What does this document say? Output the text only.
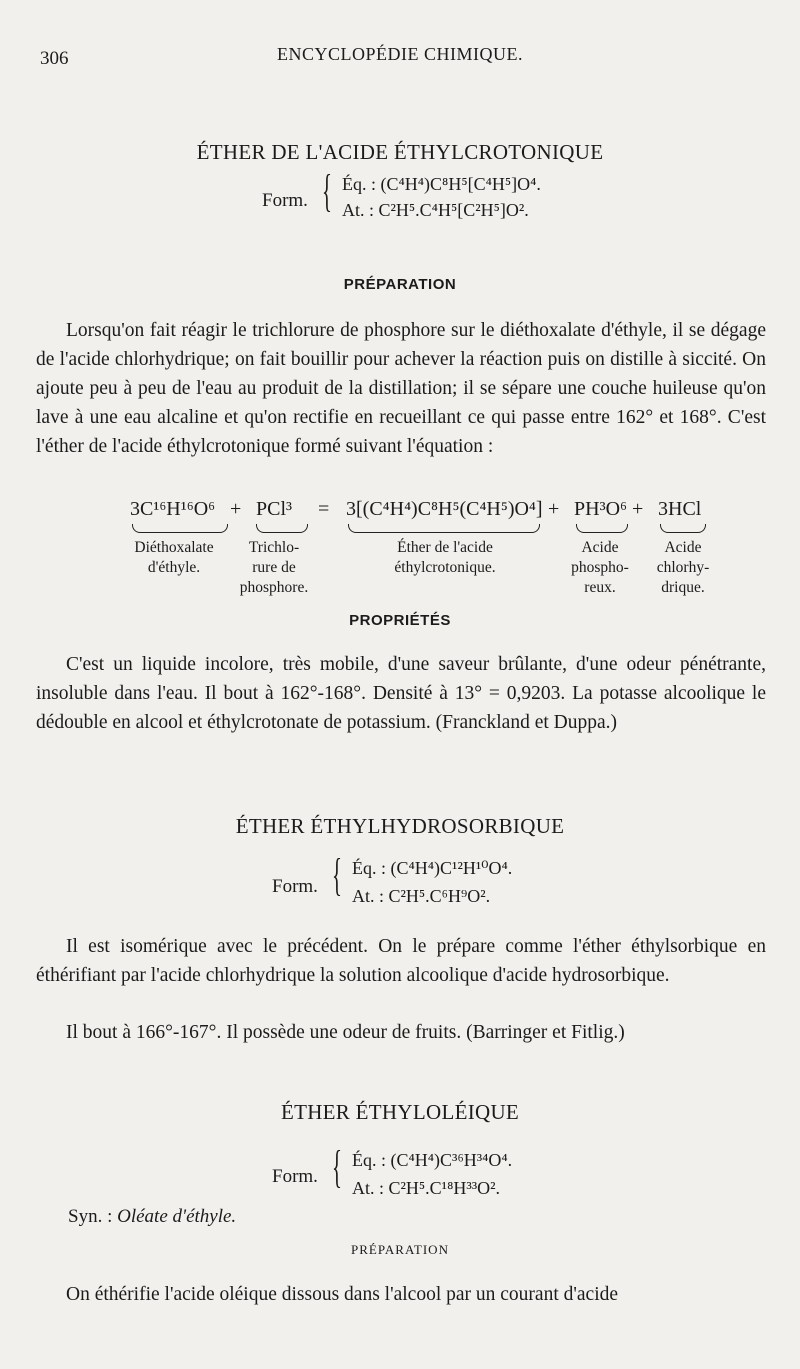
306	ENCYCLOPÉDIE CHIMIQUE.
ÉTHER DE L'ACIDE ÉTHYLCROTONIQUE
Form. { Éq. : (C⁴H⁴)C⁸H⁵[C⁴H⁵]O⁴.
At. : C²H⁵.C⁴H⁵[C²H⁵]O².
PRÉPARATION
Lorsqu'on fait réagir le trichlorure de phosphore sur le diéthoxalate d'éthyle, il se dégage de l'acide chlorhydrique; on fait bouillir pour achever la réaction puis on distille à siccité. On ajoute peu à peu de l'eau au produit de la distillation; il se sépare une couche huileuse qu'on lave à une eau alcaline et qu'on rectifie en recueillant ce qui passe entre 162° et 168°. C'est l'éther de l'acide éthylcrotonique formé suivant l'équation :
3C¹⁶H¹⁶O⁶ + PCl³ = 3[(C⁴H⁴)C⁸H⁵(C⁴H⁵)O⁴] + PH³O⁶ + 3HCl
Diéthoxalate
d'éthyle.
Trichlo-
rure de
phosphore.
Éther de l'acide
éthylcrotonique.
Acide
phospho-
reux.
Acide
chlorhy-
drique.
PROPRIÉTÉS
C'est un liquide incolore, très mobile, d'une saveur brûlante, d'une odeur pénétrante, insoluble dans l'eau. Il bout à 162°-168°. Densité à 13° = 0,9203. La potasse alcoolique le dédouble en alcool et éthylcrotonate de potassium. (Franckland et Duppa.)
ÉTHER ÉTHYLHYDROSORBIQUE
Form. { Éq. : (C⁴H⁴)C¹²H¹⁰O⁴.
At. : C²H⁵.C⁶H⁹O².
Il est isomérique avec le précédent. On le prépare comme l'éther éthylsorbique en éthérifiant par l'acide chlorhydrique la solution alcoolique d'acide hydrosorbique.
Il bout à 166°-167°. Il possède une odeur de fruits. (Barringer et Fitlig.)
ÉTHER ÉTHYLOLÉIQUE
Form. { Éq. : (C⁴H⁴)C³⁶H³⁴O⁴.
At. : C²H⁵.C¹⁸H³³O².
Syn. : Oléate d'éthyle.
PRÉPARATION
On éthérifie l'acide oléique dissous dans l'alcool par un courant d'acide
